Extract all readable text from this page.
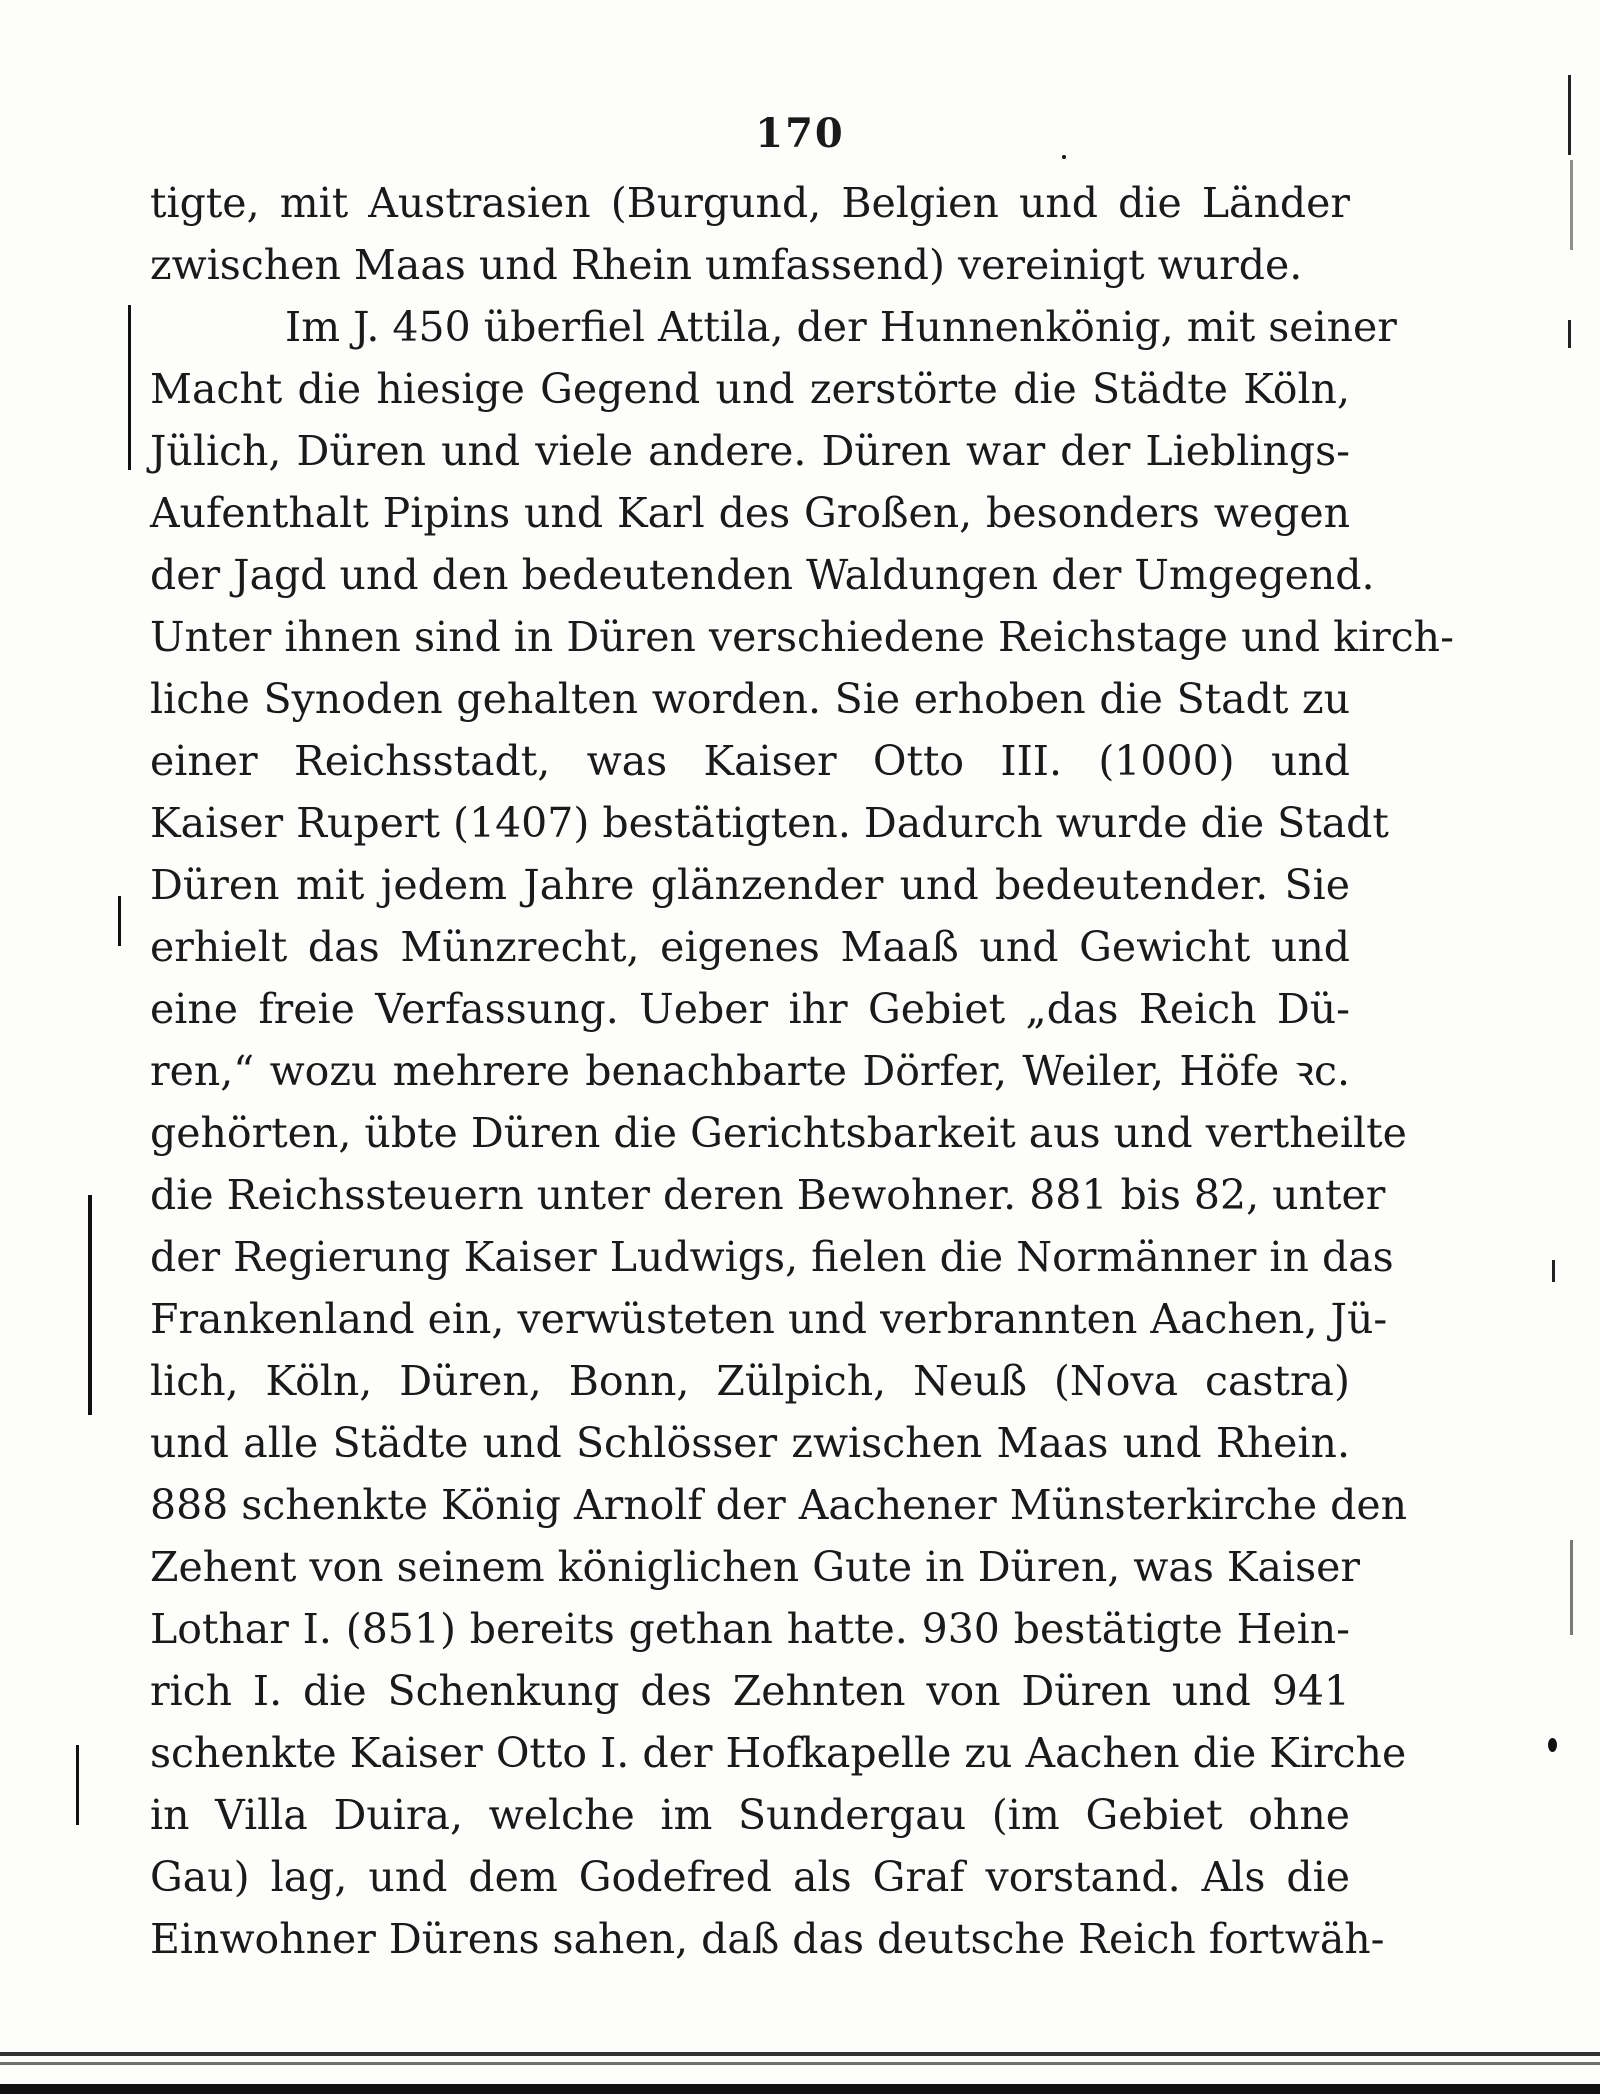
170
tigte, mit Austrasien (Burgund, Belgien und die Länder
zwischen Maas und Rhein umfassend) vereinigt wurde.
Im J. 450 überfiel Attila, der Hunnenkönig, mit seiner
Macht die hiesige Gegend und zerstörte die Städte Köln,
Jülich, Düren und viele andere. Düren war der Lieblings-
Aufenthalt Pipins und Karl des Großen, besonders wegen
der Jagd und den bedeutenden Waldungen der Umgegend.
Unter ihnen sind in Düren verschiedene Reichstage und kirch-
liche Synoden gehalten worden. Sie erhoben die Stadt zu
einer Reichsstadt, was Kaiser Otto III. (1000) und
Kaiser Rupert (1407) bestätigten. Dadurch wurde die Stadt
Düren mit jedem Jahre glänzender und bedeutender. Sie
erhielt das Münzrecht, eigenes Maaß und Gewicht und
eine freie Verfassung. Ueber ihr Gebiet „das Reich Dü-
ren,“ wozu mehrere benachbarte Dörfer, Weiler, Höfe ꝛc.
gehörten, übte Düren die Gerichtsbarkeit aus und vertheilte
die Reichssteuern unter deren Bewohner. 881 bis 82, unter
der Regierung Kaiser Ludwigs, fielen die Normänner in das
Frankenland ein, verwüsteten und verbrannten Aachen, Jü-
lich, Köln, Düren, Bonn, Zülpich, Neuß (Nova castra)
und alle Städte und Schlösser zwischen Maas und Rhein.
888 schenkte König Arnolf der Aachener Münsterkirche den
Zehent von seinem königlichen Gute in Düren, was Kaiser
Lothar I. (851) bereits gethan hatte. 930 bestätigte Hein-
rich I. die Schenkung des Zehnten von Düren und 941
schenkte Kaiser Otto I. der Hofkapelle zu Aachen die Kirche
in Villa Duira, welche im Sundergau (im Gebiet ohne
Gau) lag, und dem Godefred als Graf vorstand. Als die
Einwohner Dürens sahen, daß das deutsche Reich fortwäh-
